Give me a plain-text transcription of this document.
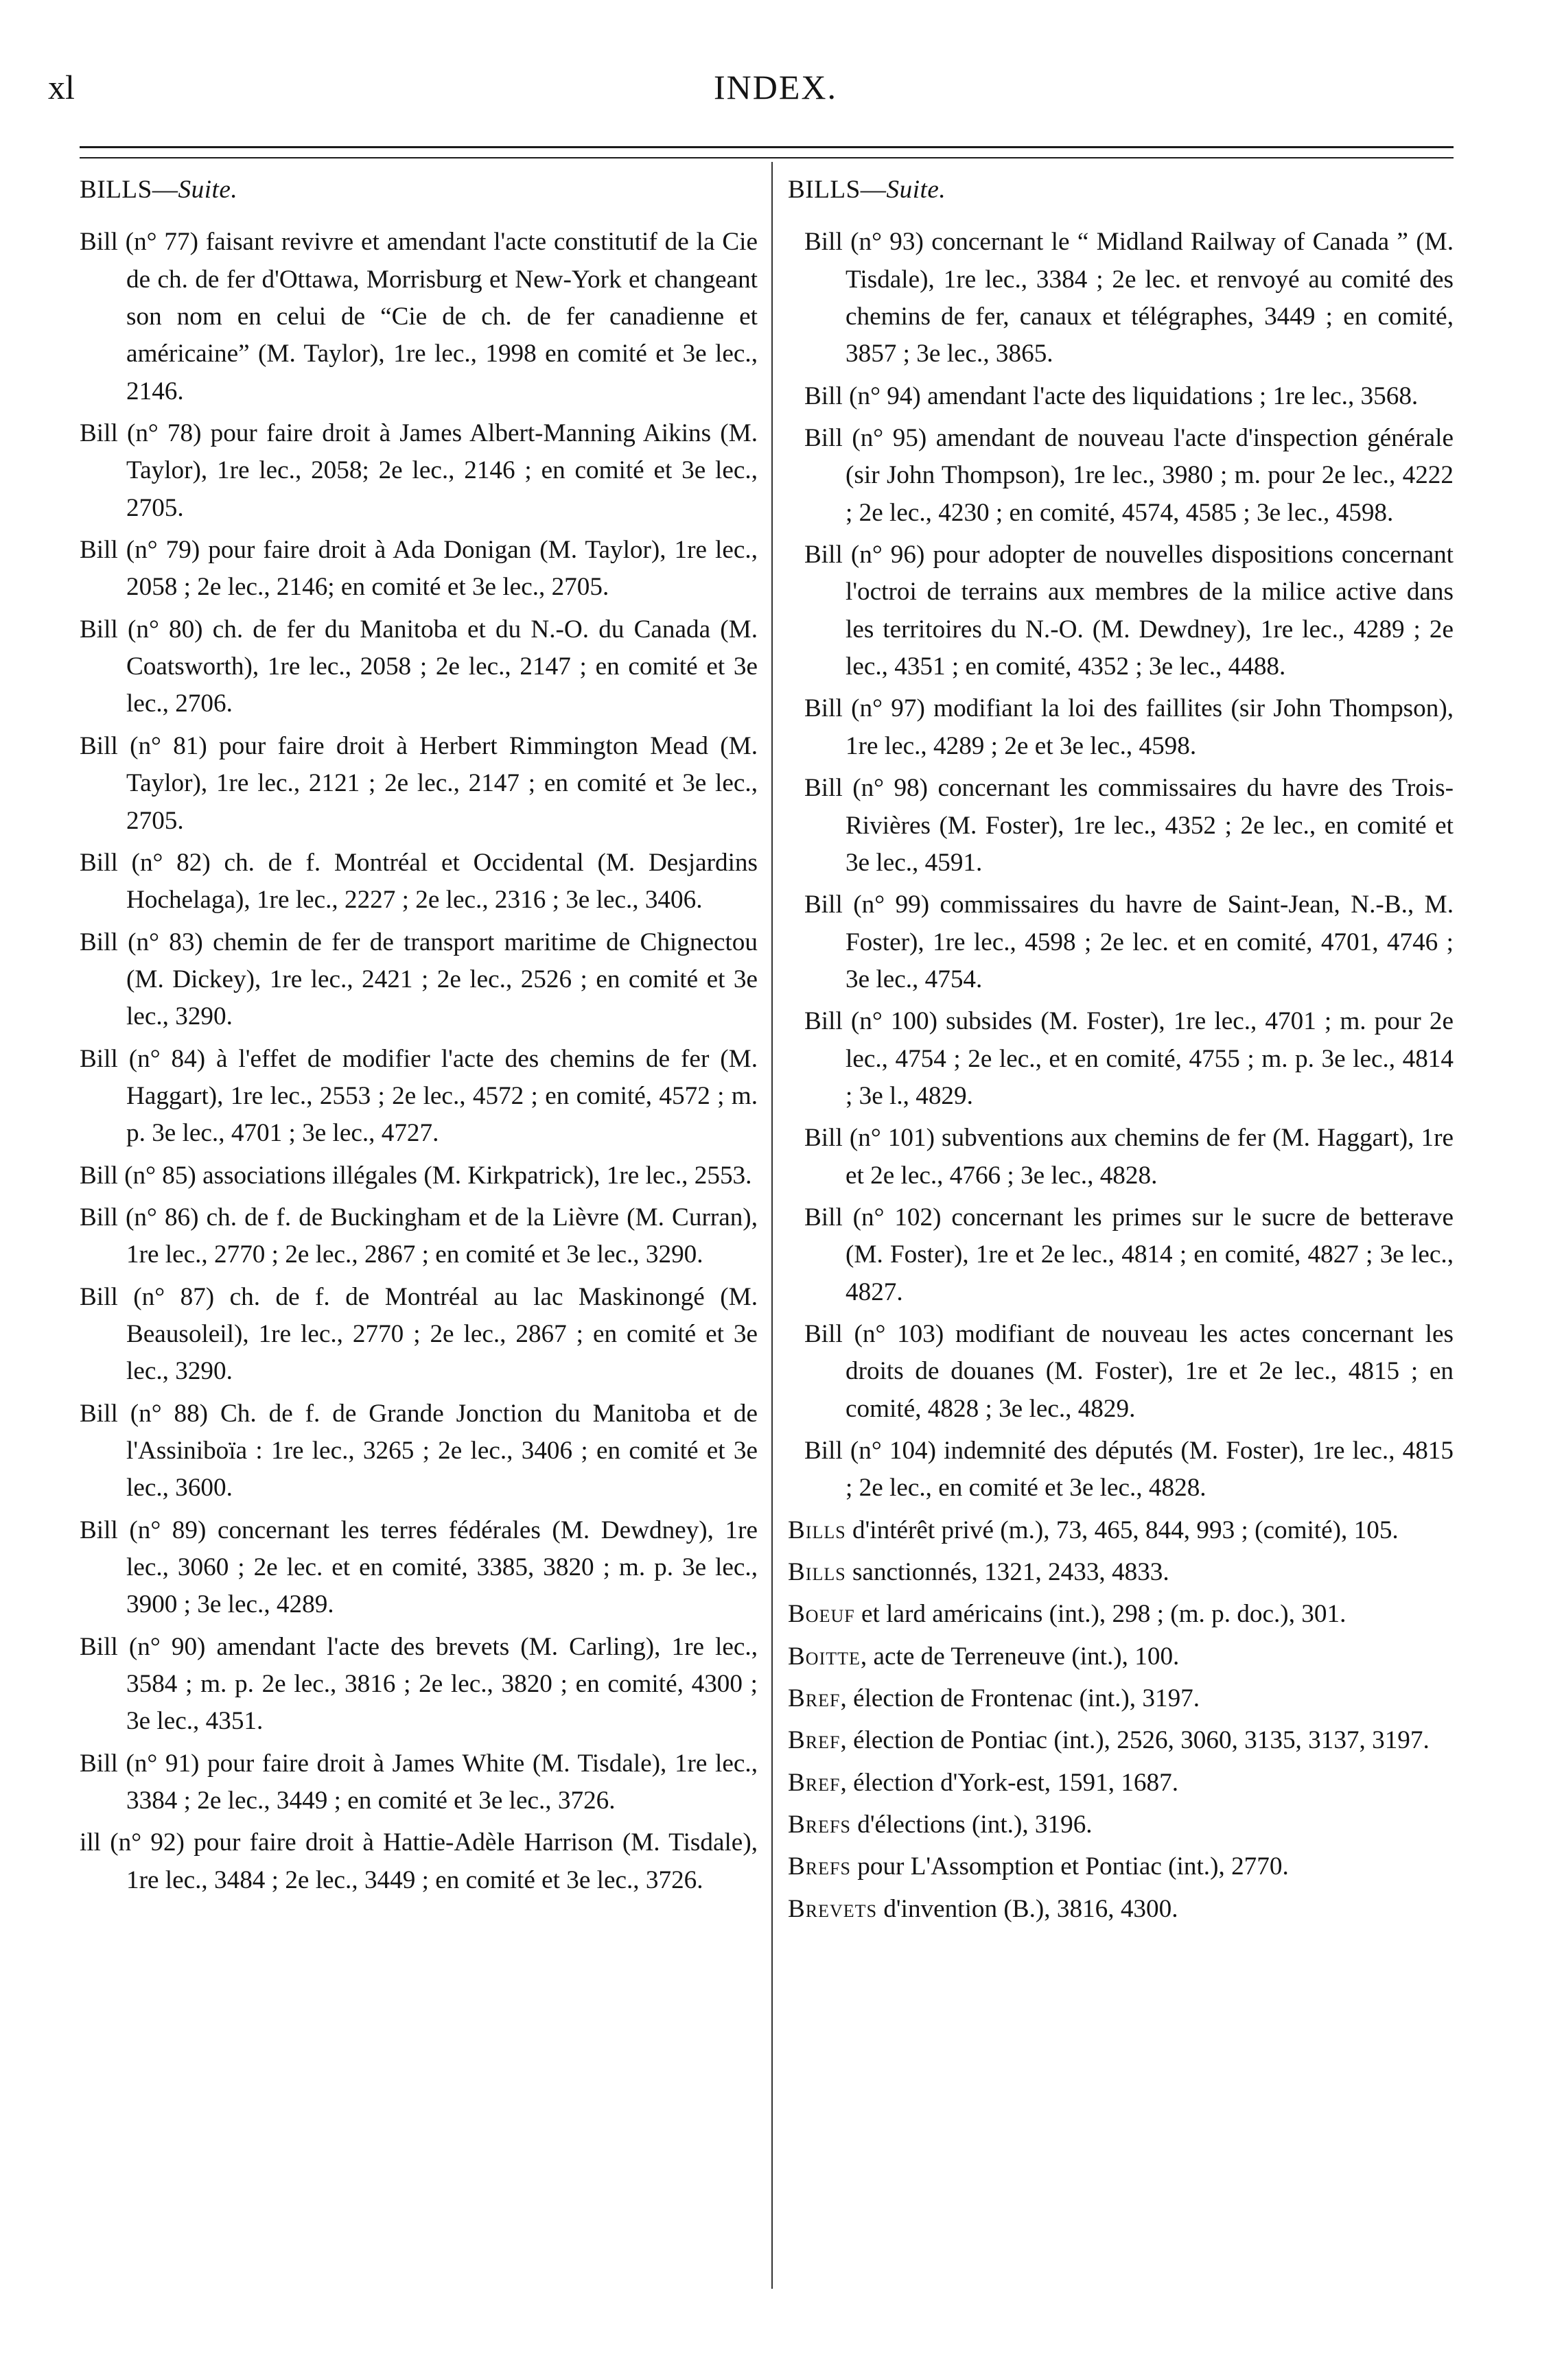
xl	INDEX.

BILLS—Suite.

Bill (n° 77) faisant revivre et amendant l'acte constitutif de la Cie de ch. de fer d'Ottawa, Morrisburg et New-York et changeant son nom en celui de “Cie de ch. de fer canadienne et américaine” (M. Taylor), 1re lec., 1998 en comité et 3e lec., 2146.

Bill (n° 78) pour faire droit à James Albert-Manning Aikins (M. Taylor), 1re lec., 2058; 2e lec., 2146 ; en comité et 3e lec., 2705.

Bill (n° 79) pour faire droit à Ada Donigan (M. Taylor), 1re lec., 2058 ; 2e lec., 2146; en comité et 3e lec., 2705.

Bill (n° 80) ch. de fer du Manitoba et du N.-O. du Canada (M. Coatsworth), 1re lec., 2058 ; 2e lec., 2147 ; en comité et 3e lec., 2706.

Bill (n° 81) pour faire droit à Herbert Rimmington Mead (M. Taylor), 1re lec., 2121 ; 2e lec., 2147 ; en comité et 3e lec., 2705.

Bill (n° 82) ch. de f. Montréal et Occidental (M. Desjardins Hochelaga), 1re lec., 2227 ; 2e lec., 2316 ; 3e lec., 3406.

Bill (n° 83) chemin de fer de transport maritime de Chignectou (M. Dickey), 1re lec., 2421 ; 2e lec., 2526 ; en comité et 3e lec., 3290.

Bill (n° 84) à l'effet de modifier l'acte des chemins de fer (M. Haggart), 1re lec., 2553 ; 2e lec., 4572 ; en comité, 4572 ; m. p. 3e lec., 4701 ; 3e lec., 4727.

Bill (n° 85) associations illégales (M. Kirkpatrick), 1re lec., 2553.

Bill (n° 86) ch. de f. de Buckingham et de la Lièvre (M. Curran), 1re lec., 2770 ; 2e lec., 2867 ; en comité et 3e lec., 3290.

Bill (n° 87) ch. de f. de Montréal au lac Maskinongé (M. Beausoleil), 1re lec., 2770 ; 2e lec., 2867 ; en comité et 3e lec., 3290.

Bill (n° 88) Ch. de f. de Grande Jonction du Manitoba et de l'Assiniboïa : 1re lec., 3265 ; 2e lec., 3406 ; en comité et 3e lec., 3600.

Bill (n° 89) concernant les terres fédérales (M. Dewdney), 1re lec., 3060 ; 2e lec. et en comité, 3385, 3820 ; m. p. 3e lec., 3900 ; 3e lec., 4289.

Bill (n° 90) amendant l'acte des brevets (M. Carling), 1re lec., 3584 ; m. p. 2e lec., 3816 ; 2e lec., 3820 ; en comité, 4300 ; 3e lec., 4351.

Bill (n° 91) pour faire droit à James White (M. Tisdale), 1re lec., 3384 ; 2e lec., 3449 ; en comité et 3e lec., 3726.

ill (n° 92) pour faire droit à Hattie-Adèle Harrison (M. Tisdale), 1re lec., 3484 ; 2e lec., 3449 ; en comité et 3e lec., 3726.

BILLS—Suite.

Bill (n° 93) concernant le “ Midland Railway of Canada ” (M. Tisdale), 1re lec., 3384 ; 2e lec. et renvoyé au comité des chemins de fer, canaux et télégraphes, 3449 ; en comité, 3857 ; 3e lec., 3865.

Bill (n° 94) amendant l'acte des liquidations ; 1re lec., 3568.

Bill (n° 95) amendant de nouveau l'acte d'inspection générale (sir John Thompson), 1re lec., 3980 ; m. pour 2e lec., 4222 ; 2e lec., 4230 ; en comité, 4574, 4585 ; 3e lec., 4598.

Bill (n° 96) pour adopter de nouvelles dispositions concernant l'octroi de terrains aux membres de la milice active dans les territoires du N.-O. (M. Dewdney), 1re lec., 4289 ; 2e lec., 4351 ; en comité, 4352 ; 3e lec., 4488.

Bill (n° 97) modifiant la loi des faillites (sir John Thompson), 1re lec., 4289 ; 2e et 3e lec., 4598.

Bill (n° 98) concernant les commissaires du havre des Trois-Rivières (M. Foster), 1re lec., 4352 ; 2e lec., en comité et 3e lec., 4591.

Bill (n° 99) commissaires du havre de Saint-Jean, N.-B., M. Foster), 1re lec., 4598 ; 2e lec. et en comité, 4701, 4746 ; 3e lec., 4754.

Bill (n° 100) subsides (M. Foster), 1re lec., 4701 ; m. pour 2e lec., 4754 ; 2e lec., et en comité, 4755 ; m. p. 3e lec., 4814 ; 3e l., 4829.

Bill (n° 101) subventions aux chemins de fer (M. Haggart), 1re et 2e lec., 4766 ; 3e lec., 4828.

Bill (n° 102) concernant les primes sur le sucre de betterave (M. Foster), 1re et 2e lec., 4814 ; en comité, 4827 ; 3e lec., 4827.

Bill (n° 103) modifiant de nouveau les actes concernant les droits de douanes (M. Foster), 1re et 2e lec., 4815 ; en comité, 4828 ; 3e lec., 4829.

Bill (n° 104) indemnité des députés (M. Foster), 1re lec., 4815 ; 2e lec., en comité et 3e lec., 4828.

Bills d'intérêt privé (m.), 73, 465, 844, 993 ; (comité), 105.

Bills sanctionnés, 1321, 2433, 4833.

Boeuf et lard américains (int.), 298 ; (m. p. doc.), 301.

Boitte, acte de Terreneuve (int.), 100.

Bref, élection de Frontenac (int.), 3197.

Bref, élection de Pontiac (int.), 2526, 3060, 3135, 3137, 3197.

Bref, élection d'York-est, 1591, 1687.

Brefs d'élections (int.), 3196.

Brefs pour L'Assomption et Pontiac (int.), 2770.

Brevets d'invention (B.), 3816, 4300.
